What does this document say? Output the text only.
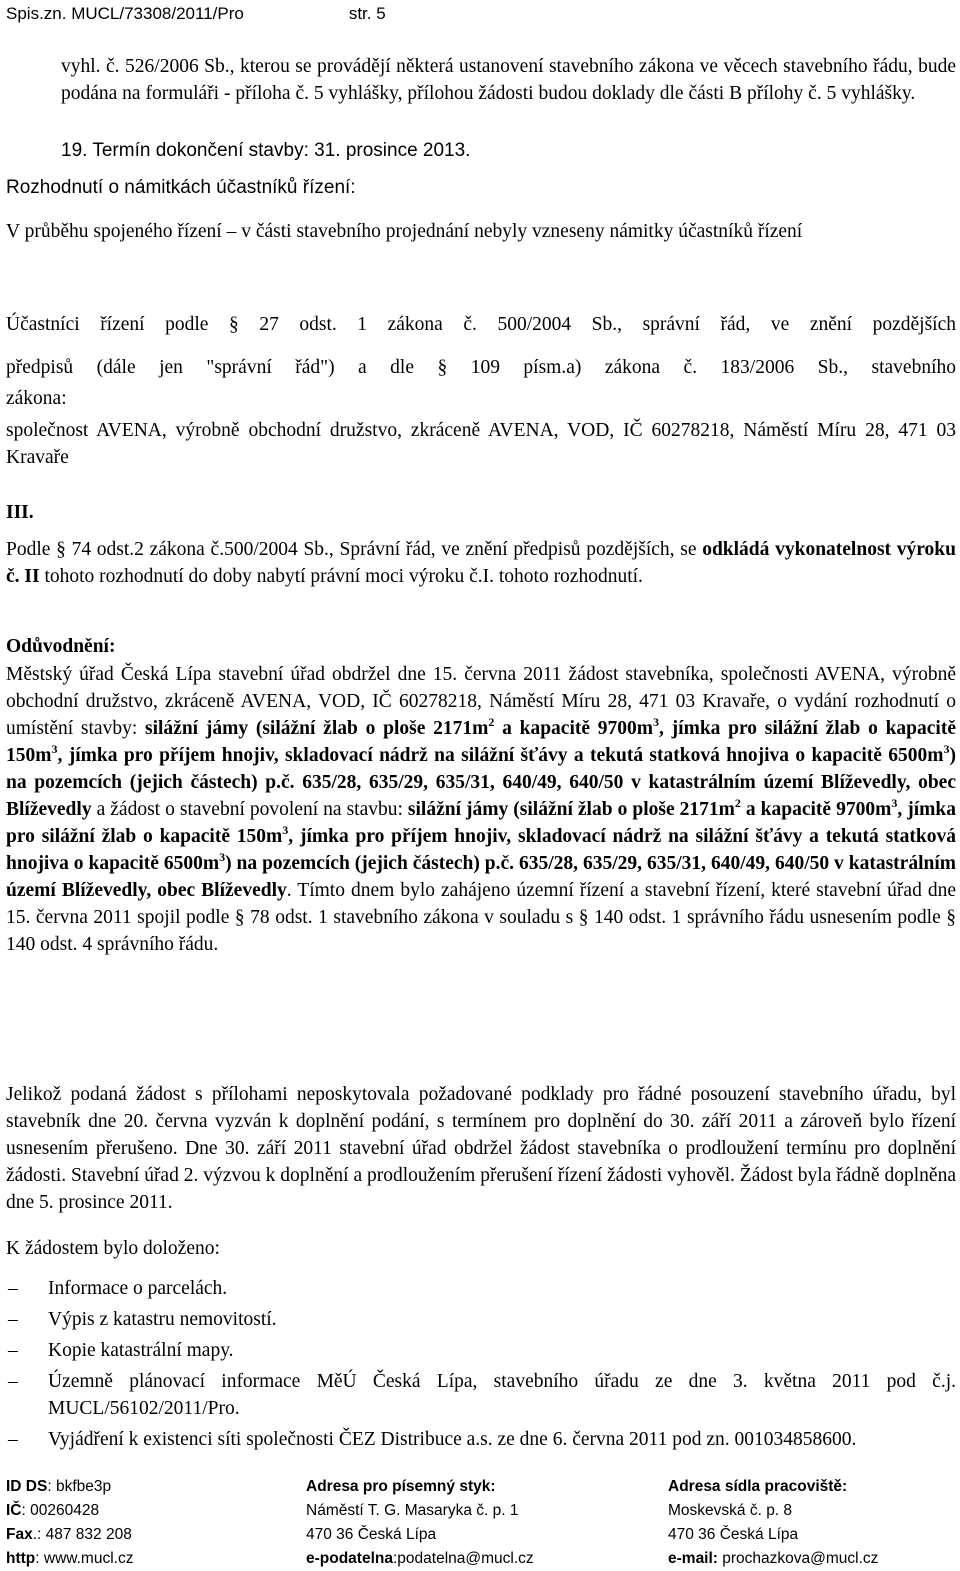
Spis.zn. MUCL/73308/2011/Pro	str. 5

vyhl. č. 526/2006 Sb., kterou se provádějí některá ustanovení stavebního zákona ve věcech stavebního řádu, bude podána na formuláři - příloha č. 5 vyhlášky, přílohou žádosti budou doklady dle části B přílohy č. 5 vyhlášky.

19. Termín dokončení stavby: 31. prosince 2013.

Rozhodnutí o námitkách účastníků řízení:

V průběhu spojeného řízení – v části stavebního projednání nebyly vzneseny námitky účastníků řízení

Účastníci řízení podle § 27 odst. 1 zákona č. 500/2004 Sb., správní řád, ve znění pozdějších

předpisů (dále jen "správní řád") a dle § 109 písm.a) zákona č. 183/2006 Sb., stavebního

zákona:

společnost AVENA, výrobně obchodní družstvo, zkráceně AVENA, VOD, IČ 60278218, Náměstí Míru 28, 471 03 Kravaře

III.

Podle § 74 odst.2 zákona č.500/2004 Sb., Správní řád, ve znění předpisů pozdějších, se odkládá vykonatelnost výroku č. II tohoto rozhodnutí do doby nabytí právní moci výroku č.I. tohoto rozhodnutí.

Odůvodnění:

Městský úřad Česká Lípa stavební úřad obdržel dne 15. června 2011 žádost stavebníka, společnosti AVENA, výrobně obchodní družstvo, zkráceně AVENA, VOD, IČ 60278218, Náměstí Míru 28, 471 03 Kravaře, o vydání rozhodnutí o umístění stavby: silážní jámy (silážní žlab o ploše $2171m^2$ a kapacitě $9700m^3$, jímka pro silážní žlab o kapacitě $150m^3$, jímka pro příjem hnojiv, skladovací nádrž na silážní šťávy a tekutá statková hnojiva o kapacitě $6500m^3$) na pozemcích (jejich částech) p.č. 635/28, 635/29, 635/31, 640/49, 640/50 v katastrálním území Blíževedly, obec Blíževedly a žádost o stavební povolení na stavbu: silážní jámy (silážní žlab o ploše $2171m^2$ a kapacitě $9700m^3$, jímka pro silážní žlab o kapacitě $150m^3$, jímka pro příjem hnojiv, skladovací nádrž na silážní šťávy a tekutá statková hnojiva o kapacitě $6500m^3$) na pozemcích (jejich částech) p.č. 635/28, 635/29, 635/31, 640/49, 640/50 v katastrálním území Blíževedly, obec Blíževedly. Tímto dnem bylo zahájeno územní řízení a stavební řízení, které stavební úřad dne 15. června 2011 spojil podle § 78 odst. 1 stavebního zákona v souladu s § 140 odst. 1 správního řádu usnesením podle § 140 odst. 4 správního řádu.

Jelikož podaná žádost s přílohami neposkytovala požadované podklady pro řádné posouzení stavebního úřadu, byl stavebník dne 20. června vyzván k doplnění podání, s termínem pro doplnění do 30. září 2011 a zároveň bylo řízení usnesením přerušeno. Dne 30. září 2011 stavební úřad obdržel žádost stavebníka o prodloužení termínu pro doplnění žádosti. Stavební úřad 2. výzvou k doplnění a prodloužením přerušení řízení žádosti vyhověl. Žádost byla řádně doplněna dne 5. prosince 2011.

K žádostem bylo doloženo:

– Informace o parcelách.
– Výpis z katastru nemovitostí.
– Kopie katastrální mapy.
– Územně plánovací informace MěÚ Česká Lípa, stavebního úřadu ze dne 3. května 2011 pod č.j. MUCL/56102/2011/Pro.
– Vyjádření k existenci síti společnosti ČEZ Distribuce a.s. ze dne 6. června 2011 pod zn. 001034858600.
ID DS: bkfbe3p
IČ: 00260428
Fax.: 487 832 208
http: www.mucl.cz
Adresa pro písemný styk:
Náměstí T. G. Masaryka č. p. 1
470 36 Česká Lípa
e-podatelna:podatelna@mucl.cz
Adresa sídla pracoviště:
Moskevská č. p. 8
470 36 Česká Lípa
e-mail: prochazkova@mucl.cz
